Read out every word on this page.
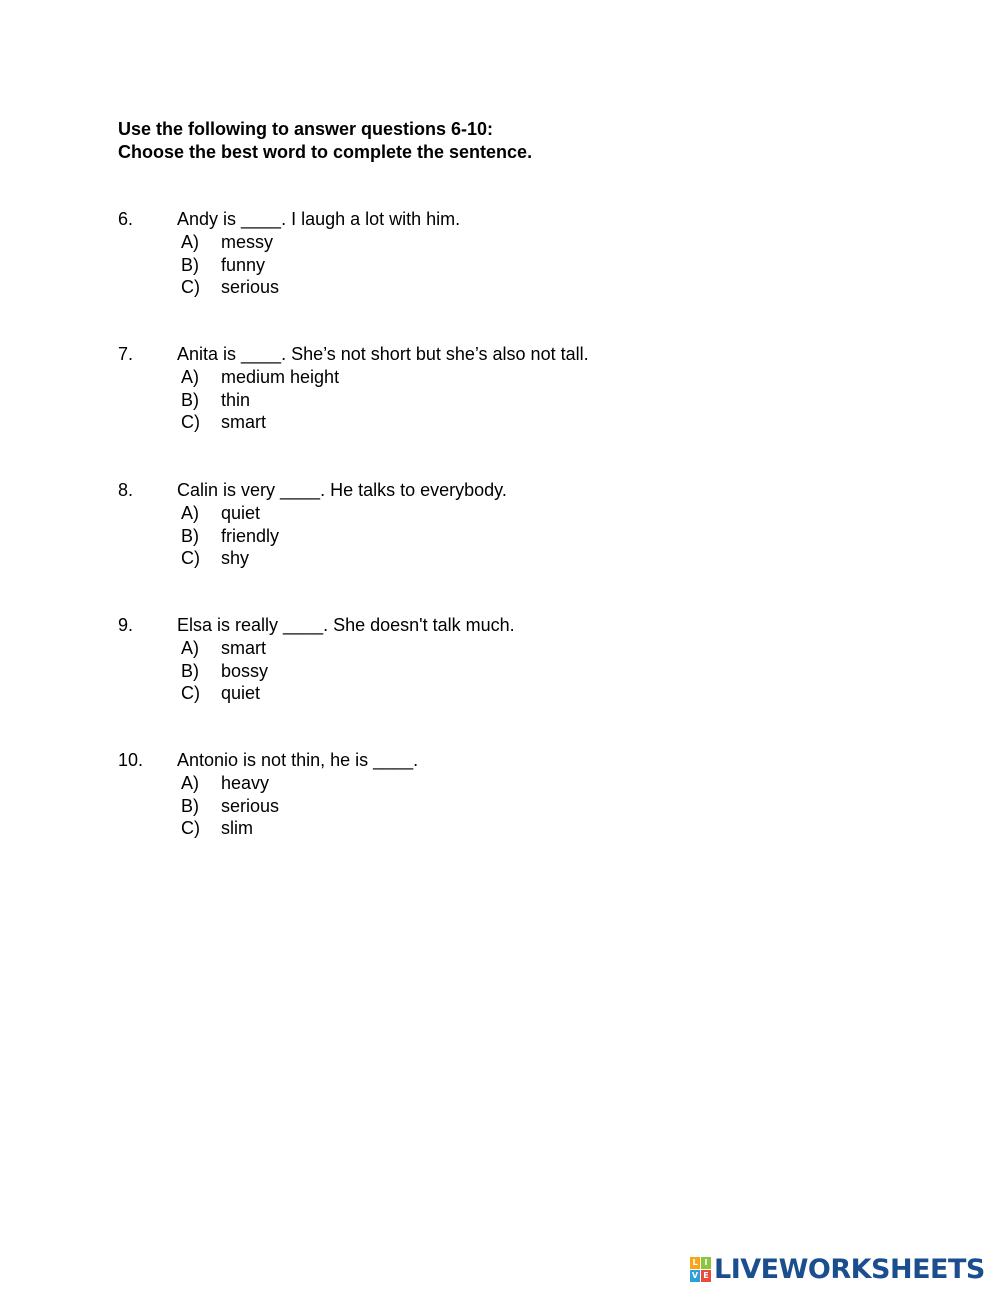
Use the following to answer questions 6-10:
Choose the best word to complete the sentence.
6. Andy is ____. I laugh a lot with him.
A) messy
B) funny
C) serious
7. Anita is ____. She’s not short but she’s also not tall.
A) medium height
B) thin
C) smart
8. Calin is very ____. He talks to everybody.
A) quiet
B) friendly
C) shy
9. Elsa is really ____. She doesn't talk much.
A) smart
B) bossy
C) quiet
10. Antonio is not thin, he is ____.
A) heavy
B) serious
C) slim
L I
V E LIVEWORKSHEETS
